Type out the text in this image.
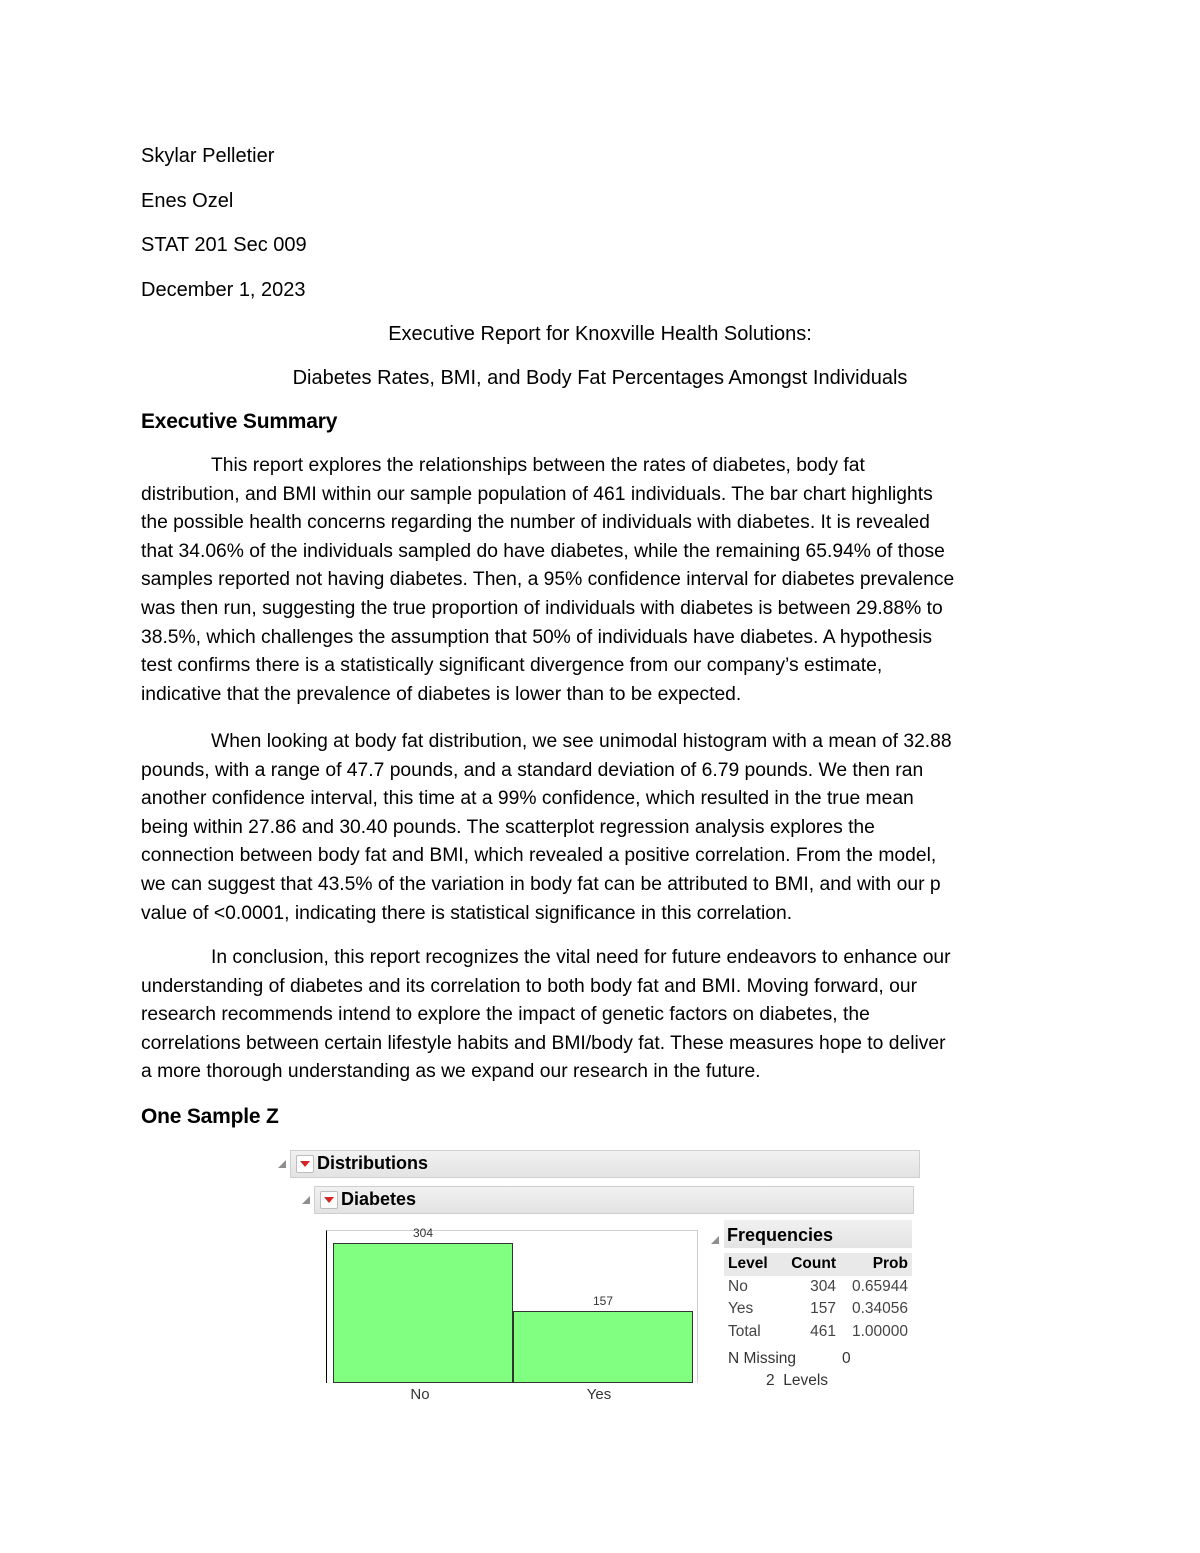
Skylar Pelletier
Enes Ozel
STAT 201 Sec 009
December 1, 2023
Executive Report for Knoxville Health Solutions:
Diabetes Rates, BMI, and Body Fat Percentages Amongst Individuals
Executive Summary
This report explores the relationships between the rates of diabetes, body fat
distribution, and BMI within our sample population of 461 individuals. The bar chart highlights
the possible health concerns regarding the number of individuals with diabetes. It is revealed
that 34.06% of the individuals sampled do have diabetes, while the remaining 65.94% of those
samples reported not having diabetes. Then, a 95% confidence interval for diabetes prevalence
was then run, suggesting the true proportion of individuals with diabetes is between 29.88% to
38.5%, which challenges the assumption that 50% of individuals have diabetes. A hypothesis
test confirms there is a statistically significant divergence from our company’s estimate,
indicative that the prevalence of diabetes is lower than to be expected.
When looking at body fat distribution, we see unimodal histogram with a mean of 32.88
pounds, with a range of 47.7 pounds, and a standard deviation of 6.79 pounds. We then ran
another confidence interval, this time at a 99% confidence, which resulted in the true mean
being within 27.86 and 30.40 pounds. The scatterplot regression analysis explores the
connection between body fat and BMI, which revealed a positive correlation. From the model,
we can suggest that 43.5% of the variation in body fat can be attributed to BMI, and with our p
value of <0.0001, indicating there is statistical significance in this correlation.
In conclusion, this report recognizes the vital need for future endeavors to enhance our
understanding of diabetes and its correlation to both body fat and BMI. Moving forward, our
research recommends intend to explore the impact of genetic factors on diabetes, the
correlations between certain lifestyle habits and BMI/body fat. These measures hope to deliver
a more thorough understanding as we expand our research in the future.
One Sample Z
Distributions
Diabetes
304
157
No	Yes
Frequencies
Level Count Prob
No	304 0.65944
Yes	157 0.34056
Total	461 1.00000
N Missing	0
2  Levels
